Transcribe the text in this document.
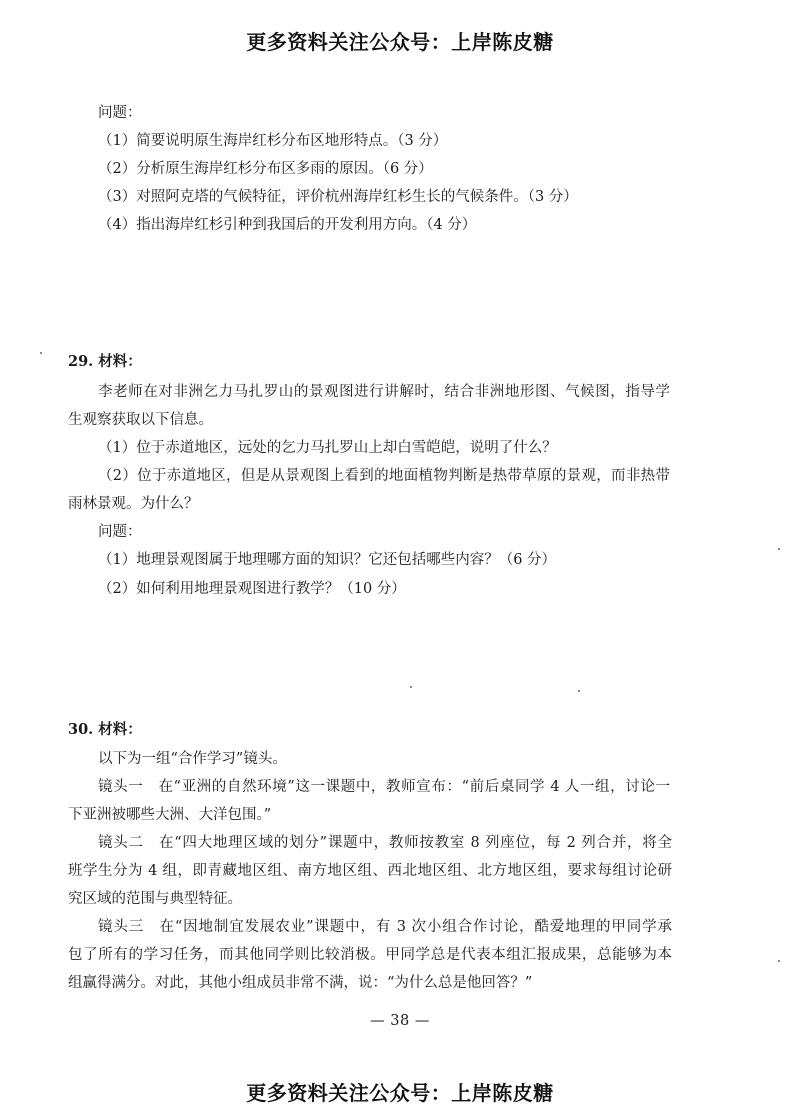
更多资料关注公众号：上岸陈皮糖
问题：
（1）简要说明原生海岸红杉分布区地形特点。（3 分）
（2）分析原生海岸红杉分布区多雨的原因。（6 分）
（3）对照阿克塔的气候特征，评价杭州海岸红杉生长的气候条件。（3 分）
（4）指出海岸红杉引种到我国后的开发利用方向。（4 分）
29. 材料：
李老师在对非洲乞力马扎罗山的景观图进行讲解时，结合非洲地形图、气候图，指导学
生观察获取以下信息。
（1）位于赤道地区，远处的乞力马扎罗山上却白雪皑皑，说明了什么？
（2）位于赤道地区，但是从景观图上看到的地面植物判断是热带草原的景观，而非热带
雨林景观。为什么？
问题：
（1）地理景观图属于地理哪方面的知识？它还包括哪些内容？（6 分）
（2）如何利用地理景观图进行教学？（10 分）
30. 材料：
以下为一组“合作学习”镜头。
镜头一　在“亚洲的自然环境”这一课题中，教师宣布：“前后桌同学 4 人一组，讨论一
下亚洲被哪些大洲、大洋包围。”
镜头二　在“四大地理区域的划分”课题中，教师按教室 8 列座位，每 2 列合并，将全
班学生分为 4 组，即青藏地区组、南方地区组、西北地区组、北方地区组，要求每组讨论研
究区域的范围与典型特征。
镜头三　在“因地制宜发展农业”课题中，有 3 次小组合作讨论，酷爱地理的甲同学承
包了所有的学习任务，而其他同学则比较消极。甲同学总是代表本组汇报成果，总能够为本
组赢得满分。对此，其他小组成员非常不满，说：“为什么总是他回答？”
— 38 —
更多资料关注公众号：上岸陈皮糖
